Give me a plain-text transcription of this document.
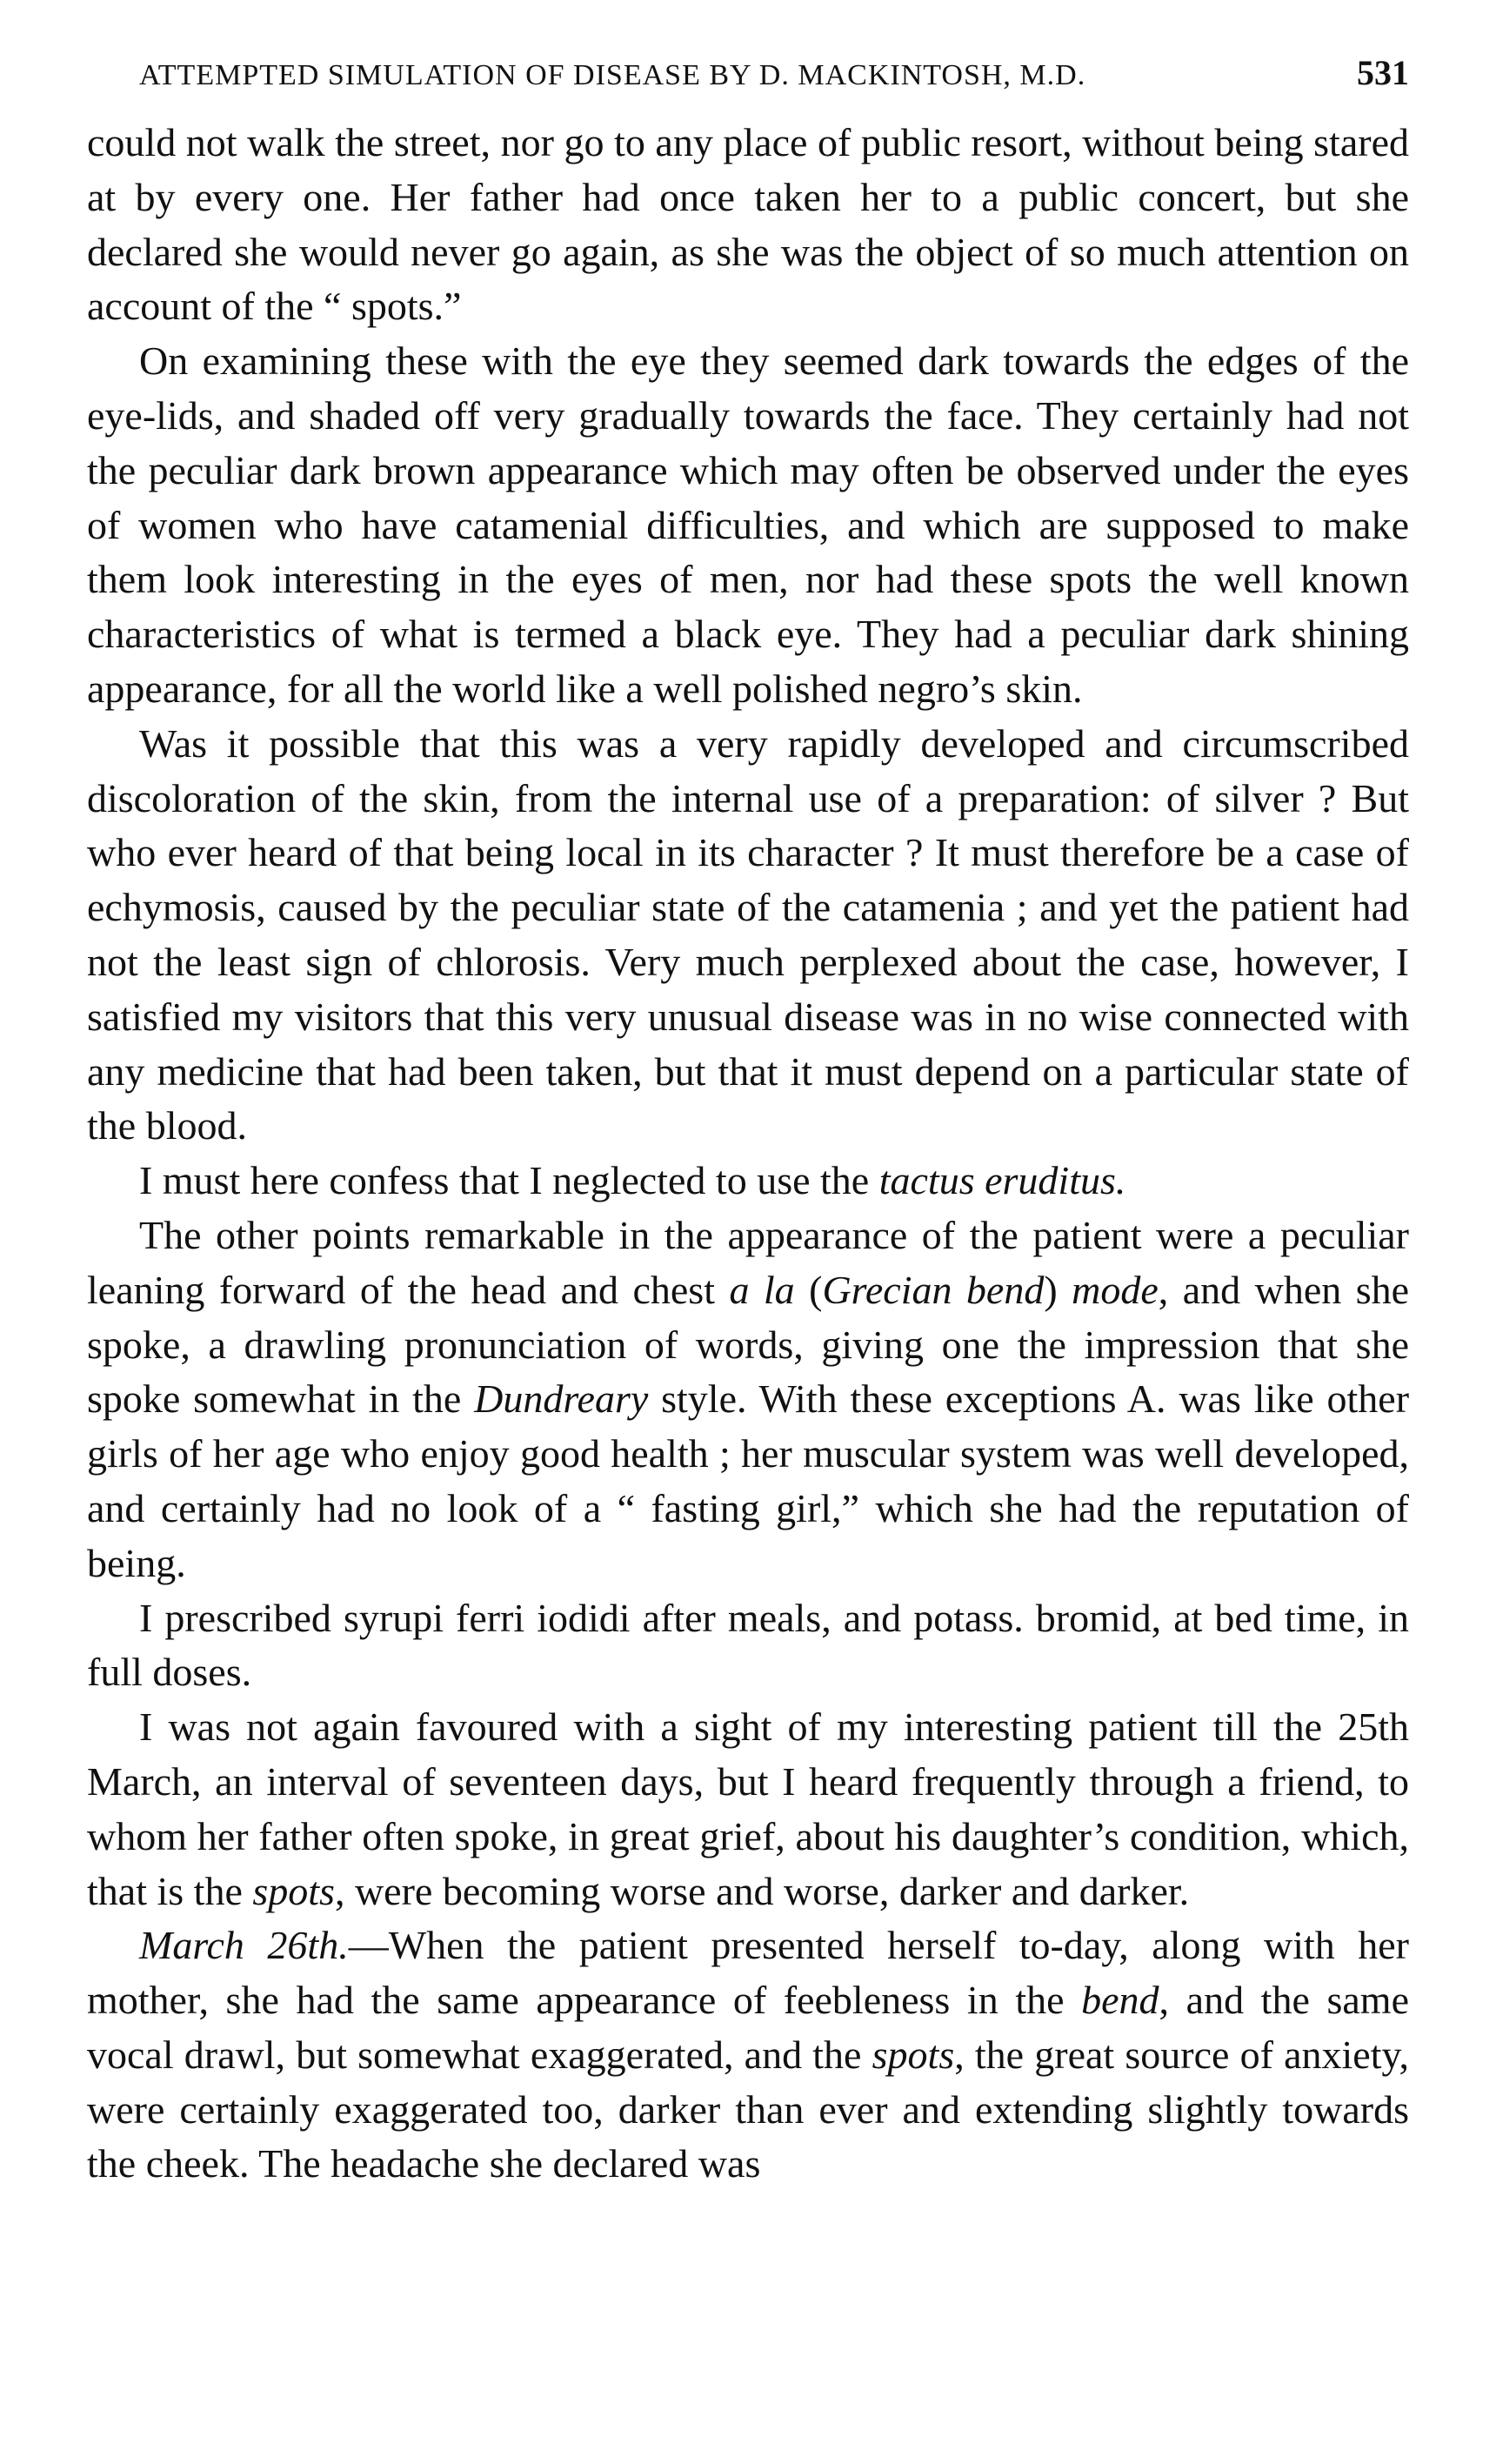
ATTEMPTED SIMULATION OF DISEASE BY D. MACKINTOSH, M.D.	531

could not walk the street, nor go to any place of public resort, without being stared at by every one. Her father had once taken her to a public concert, but she declared she would never go again, as she was the object of so much attention on account of the “ spots.”

On examining these with the eye they seemed dark towards the edges of the eye-lids, and shaded off very gradually towards the face. They certainly had not the peculiar dark brown appearance which may often be observed under the eyes of women who have catamenial difficulties, and which are supposed to make them look interesting in the eyes of men, nor had these spots the well known characteristics of what is termed a black eye. They had a peculiar dark shining appearance, for all the world like a well polished negro’s skin.

Was it possible that this was a very rapidly developed and circumscribed discoloration of the skin, from the internal use of a preparation: of silver ? But who ever heard of that being local in its character ? It must therefore be a case of echymosis, caused by the peculiar state of the catamenia ; and yet the patient had not the least sign of chlorosis. Very much perplexed about the case, however, I satisfied my visitors that this very unusual disease was in no wise connected with any medicine that had been taken, but that it must depend on a particular state of the blood.

I must here confess that I neglected to use the tactus eruditus.

The other points remarkable in the appearance of the patient were a peculiar leaning forward of the head and chest a la (Grecian bend) mode, and when she spoke, a drawling pronunciation of words, giving one the impression that she spoke somewhat in the Dundreary style. With these exceptions A. was like other girls of her age who enjoy good health ; her muscular system was well developed, and certainly had no look of a “ fasting girl,” which she had the reputation of being.

I prescribed syrupi ferri iodidi after meals, and potass. bromid, at bed time, in full doses.

I was not again favoured with a sight of my interesting patient till the 25th March, an interval of seventeen days, but I heard frequently through a friend, to whom her father often spoke, in great grief, about his daughter’s condition, which, that is the spots, were becoming worse and worse, darker and darker.

March 26th.—When the patient presented herself to-day, along with her mother, she had the same appearance of feebleness in the bend, and the same vocal drawl, but somewhat exaggerated, and the spots, the great source of anxiety, were certainly exaggerated too, darker than ever and extending slightly towards the cheek. The headache she declared was
